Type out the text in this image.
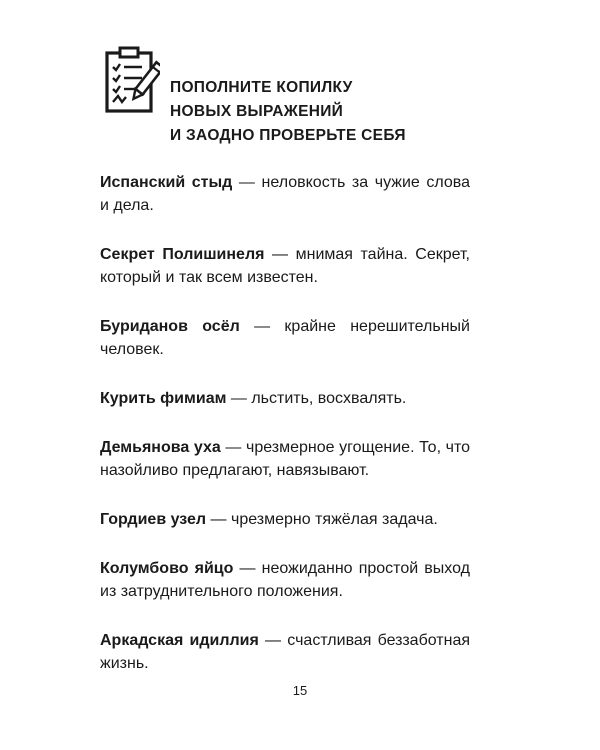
ПОПОЛНИТЕ КОПИЛКУ
НОВЫХ ВЫРАЖЕНИЙ
И ЗАОДНО ПРОВЕРЬТЕ СЕБЯ
Испанский стыд — неловкость за чужие слова и дела.
Секрет Полишинеля — мнимая тайна. Секрет, который и так всем известен.
Буриданов осёл — крайне нерешительный человек.
Курить фимиам — льстить, восхвалять.
Демьянова уха — чрезмерное угощение. То, что назойливо предлагают, навязывают.
Гордиев узел — чрезмерно тяжёлая задача.
Колумбово яйцо — неожиданно простой выход из затруднительного положения.
Аркадская идиллия — счастливая беззаботная жизнь.
15
